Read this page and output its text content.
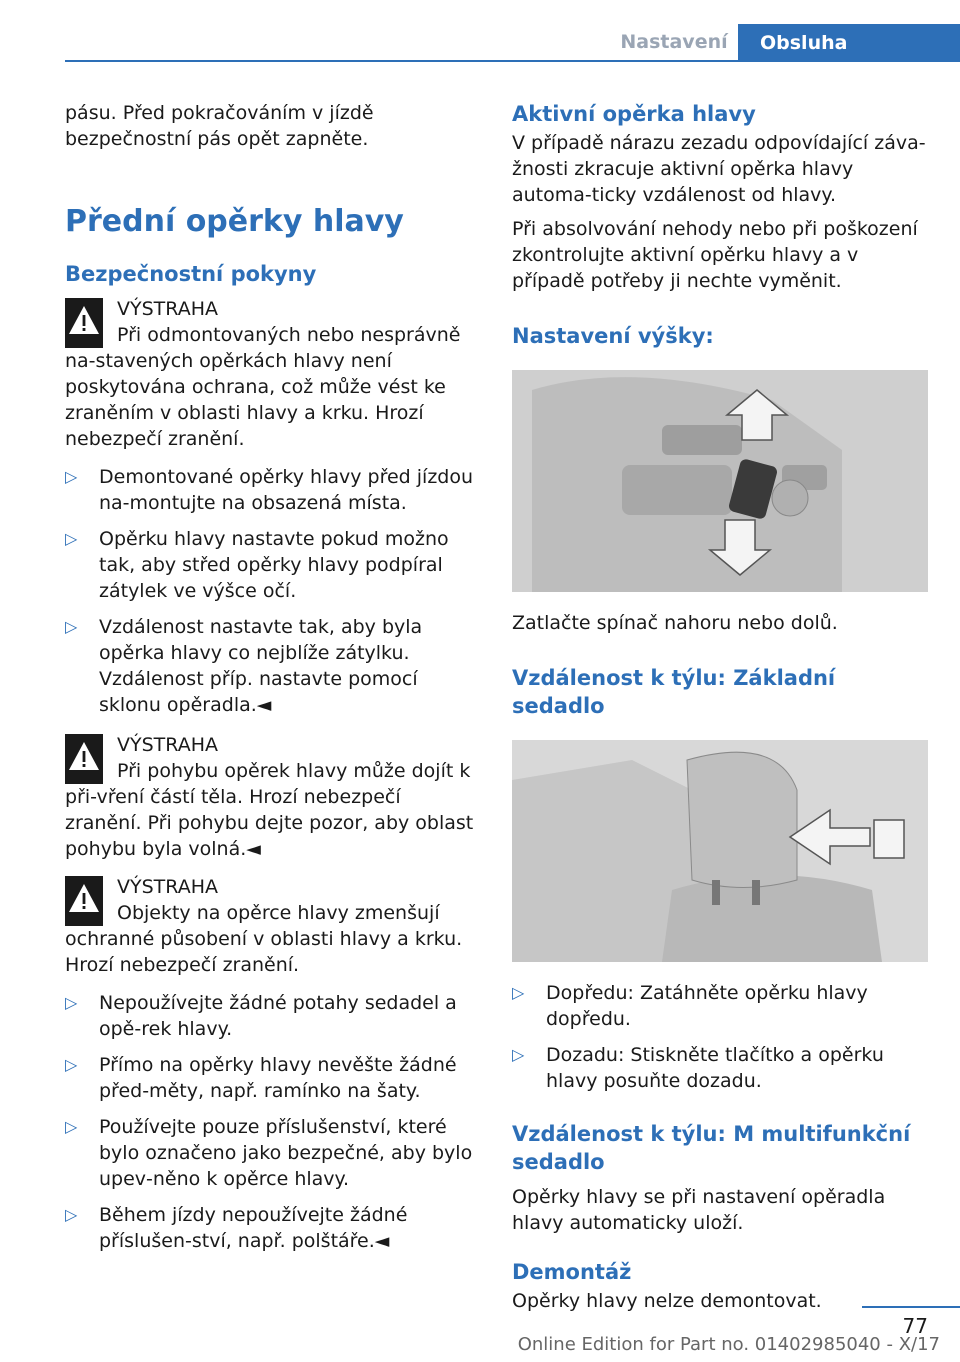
Nastavení	Obsluha

pásu. Před pokračováním v jízdě bezpečnostní pás opět zapněte.

Přední opěrky hlavy
Bezpečnostní pokyny
VÝSTRAHA
Při odmontovaných nebo nesprávně na‐stavených opěrkách hlavy není poskytována ochrana, což může vést ke zraněním v oblasti hlavy a krku. Hrozí nebezpečí zranění.
▷ Demontované opěrky hlavy před jízdou na‐montujte na obsazená místa.
▷ Opěrku hlavy nastavte pokud možno tak, aby střed opěrky hlavy podpíral zátylek ve výšce očí.
▷ Vzdálenost nastavte tak, aby byla opěrka hlavy co nejblíže zátylku. Vzdálenost příp. nastavte pomocí sklonu opěradla.◄
VÝSTRAHA
Při pohybu opěrek hlavy může dojít k při‐vření částí těla. Hrozí nebezpečí zranění. Při pohybu dejte pozor, aby oblast pohybu byla volná.◄
VÝSTRAHA
Objekty na opěrce hlavy zmenšují ochranné působení v oblasti hlavy a krku. Hrozí nebezpečí zranění.
▷ Nepoužívejte žádné potahy sedadel a opě‐rek hlavy.
▷ Přímo na opěrky hlavy nevěšte žádné před‐měty, např. ramínko na šaty.
▷ Používejte pouze příslušenství, které bylo označeno jako bezpečné, aby bylo upev‐něno k opěrce hlavy.
▷ Během jízdy nepoužívejte žádné příslušen‐ství, např. polštáře.◄
Aktivní opěrka hlavy

V případě nárazu zezadu odpovídající záva‐žnosti zkracuje aktivní opěrka hlavy automa‐ticky vzdálenost od hlavy.

Při absolvování nehody nebo při poškození zkontrolujte aktivní opěrku hlavy a v případě potřeby ji nechte vyměnit.

Nastavení výšky:

Zatlačte spínač nahoru nebo dolů.

Vzdálenost k týlu: Základní sedadlo
▷ Dopředu: Zatáhněte opěrku hlavy dopředu.
▷ Dozadu: Stiskněte tlačítko a opěrku hlavy posuňte dozadu.
Vzdálenost k týlu: M multifunkční sedadlo

Opěrky hlavy se při nastavení opěradla hlavy automaticky uloží.

Demontáž

Opěrky hlavy nelze demontovat.

77
Online Edition for Part no. 01402985040 - X/17
